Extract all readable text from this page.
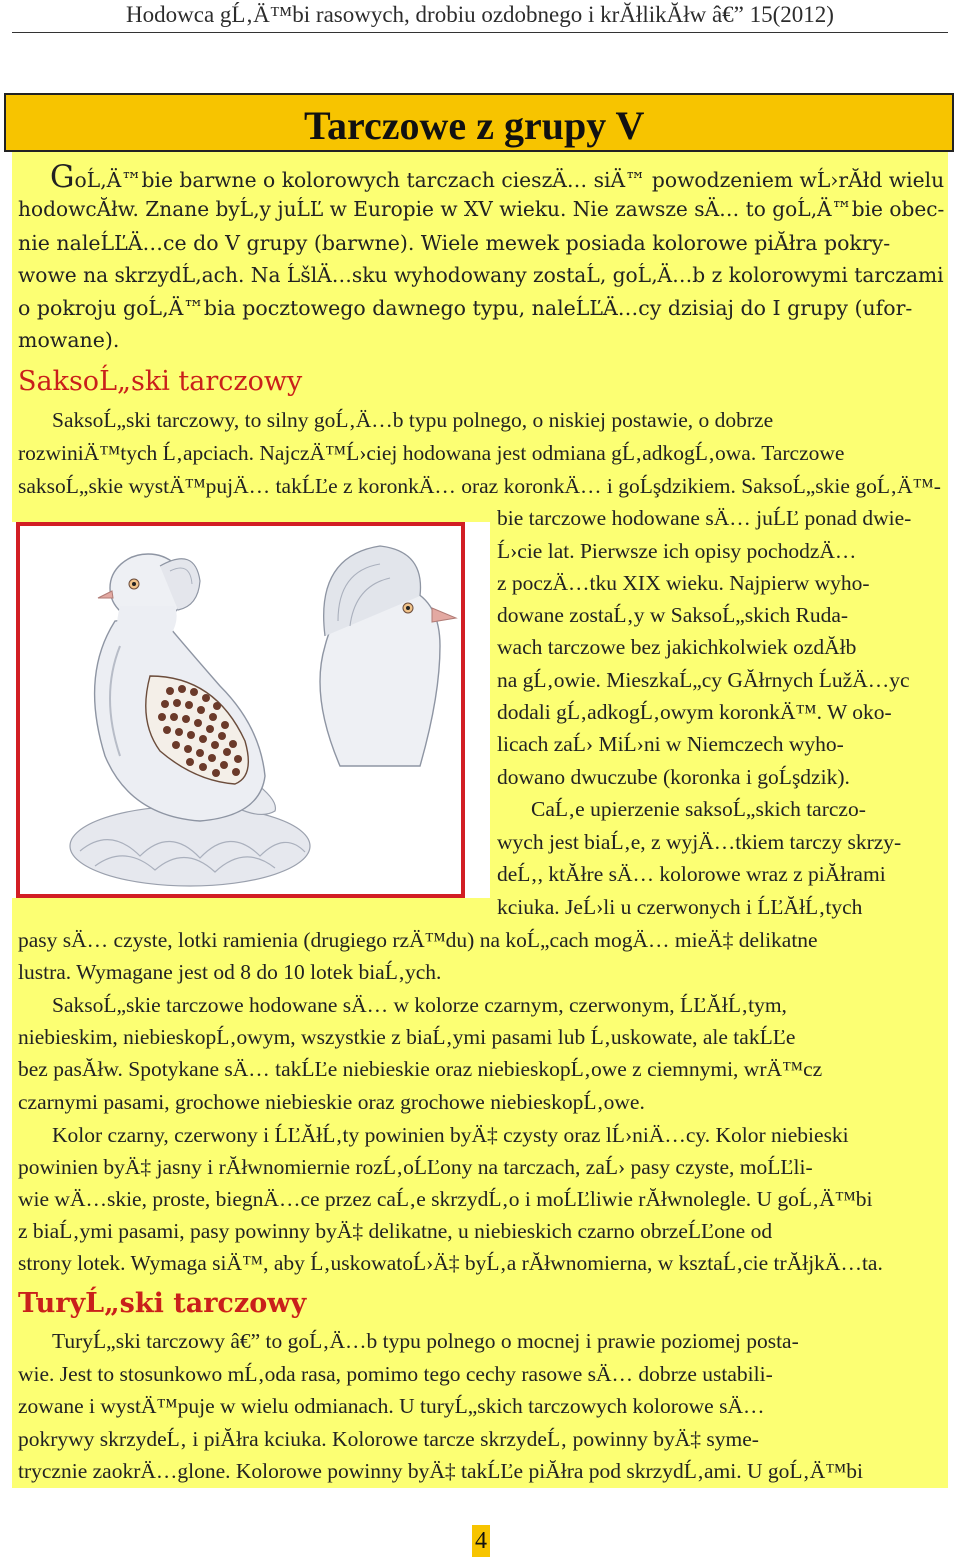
Hodowca gĹ‚Ä™bi rasowych, drobiu ozdobnego i krĂłlikĂłw â€” 15(2012)
Tarczowe z grupy V
GoĹ‚Ä™bie barwne o kolorowych tarczach cieszÄ… siÄ™ powodzeniem wĹ›rĂłd wielu
hodowcĂłw. Znane byĹ‚y juĹĽ w Europie w XV wieku. Nie zawsze sÄ… to goĹ‚Ä™bie obec-
nie naleĹĽÄ…ce do V grupy (barwne). Wiele mewek posiada kolorowe piĂłra pokry-
wowe na skrzydĹ‚ach. Na ĹšlÄ…sku wyhodowany zostaĹ‚ goĹ‚Ä…b z kolorowymi tarczami
o pokroju goĹ‚Ä™bia pocztowego dawnego typu, naleĹĽÄ…cy dzisiaj do I grupy (ufor-
mowane).
SaksoĹ„ski tarczowy
SaksoĹ„ski tarczowy, to silny goĹ‚Ä…b typu polnego, o niskiej postawie, o dobrze
rozwiniÄ™tych Ĺ‚apciach. NajczÄ™Ĺ›ciej hodowana jest odmiana gĹ‚adkogĹ‚owa. Tarczowe
saksoĹ„skie wystÄ™pujÄ… takĹĽe z koronkÄ… oraz koronkÄ… i goĹşdzikiem. SaksoĹ„skie goĹ‚Ä™-
bie tarczowe hodowane sÄ… juĹĽ ponad dwie-
Ĺ›cie lat. Pierwsze ich opisy pochodzÄ…
z poczÄ…tku XIX wieku. Najpierw wyho-
dowane zostaĹ‚y w SaksoĹ„skich Ruda-
wach tarczowe bez jakichkolwiek ozdĂłb
na gĹ‚owie. MieszkaĹ„cy GĂłrnych ĹužÄ…yc
dodali gĹ‚adkogĹ‚owym koronkÄ™. W oko-
licach zaĹ› MiĹ›ni w Niemczech wyho-
dowano dwuczube (koronka i goĹşdzik).
CaĹ‚e upierzenie saksoĹ„skich tarczo-
wych jest biaĹ‚e, z wyjÄ…tkiem tarczy skrzy-
deĹ‚, ktĂłre sÄ… kolorowe wraz z piĂłrami
kciuka. JeĹ›li u czerwonych i ĹĽĂłĹ‚tych
pasy sÄ… czyste, lotki ramienia (drugiego rzÄ™du) na koĹ„cach mogÄ… mieÄ‡ delikatne
lustra. Wymagane jest od 8 do 10 lotek biaĹ‚ych.
SaksoĹ„skie tarczowe hodowane sÄ… w kolorze czarnym, czerwonym, ĹĽĂłĹ‚tym,
niebieskim, niebieskopĹ‚owym, wszystkie z biaĹ‚ymi pasami lub Ĺ‚uskowate, ale takĹĽe
bez pasĂłw. Spotykane sÄ… takĹĽe niebieskie oraz niebieskopĹ‚owe z ciemnymi, wrÄ™cz
czarnymi pasami, grochowe niebieskie oraz grochowe niebieskopĹ‚owe.
Kolor czarny, czerwony i ĹĽĂłĹ‚ty powinien byÄ‡ czysty oraz lĹ›niÄ…cy. Kolor niebieski
powinien byÄ‡ jasny i rĂłwnomiernie rozĹ‚oĹĽony na tarczach, zaĹ› pasy czyste, moĹĽli-
wie wÄ…skie, proste, biegnÄ…ce przez caĹ‚e skrzydĹ‚o i moĹĽliwie rĂłwnolegle. U goĹ‚Ä™bi
z biaĹ‚ymi pasami, pasy powinny byÄ‡ delikatne, u niebieskich czarno obrzeĹĽone od
strony lotek. Wymaga siÄ™, aby Ĺ‚uskowatoĹ›Ä‡ byĹ‚a rĂłwnomierna, w ksztaĹ‚cie trĂłjkÄ…ta.
TuryĹ„ski tarczowy
TuryĹ„ski tarczowy â€” to goĹ‚Ä…b typu polnego o mocnej i prawie poziomej posta-
wie. Jest to stosunkowo mĹ‚oda rasa, pomimo tego cechy rasowe sÄ… dobrze ustabili-
zowane i wystÄ™puje w wielu odmianach. U turyĹ„skich tarczowych kolorowe sÄ…
pokrywy skrzydeĹ‚ i piĂłra kciuka. Kolorowe tarcze skrzydeĹ‚ powinny byÄ‡ syme-
trycznie zaokrÄ…glone. Kolorowe powinny byÄ‡ takĹĽe piĂłra pod skrzydĹ‚ami. U goĹ‚Ä™bi
4
